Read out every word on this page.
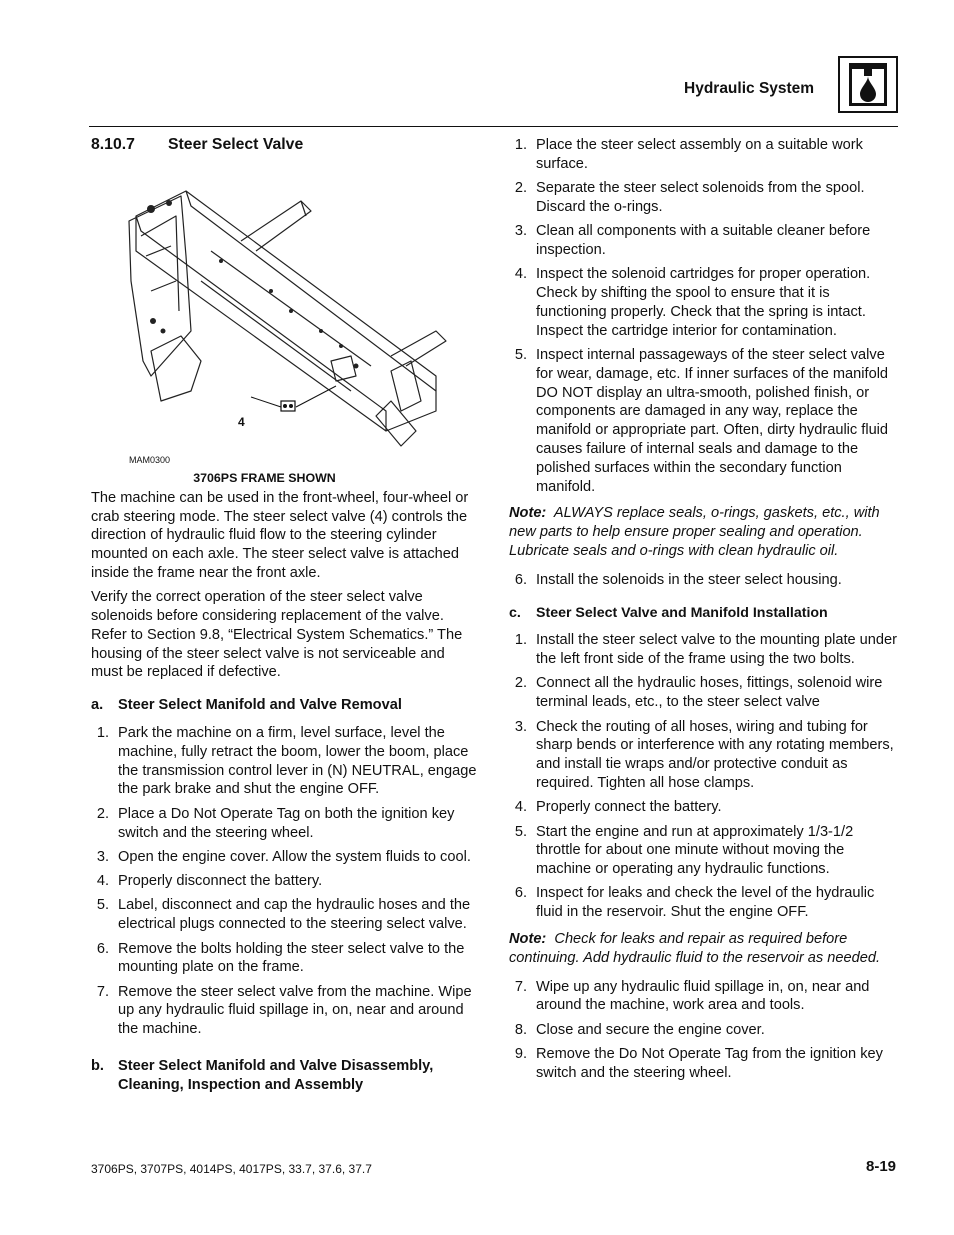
Hydraulic System
8.10.7	Steer Select Valve
4
MAM0300
3706PS FRAME SHOWN

The machine can be used in the front-wheel, four-wheel or crab steering mode. The steer select valve (4) controls the direction of hydraulic fluid flow to the steering cylinder mounted on each axle. The steer select valve is attached inside the frame near the front axle.

Verify the correct operation of the steer select valve solenoids before considering replacement of the valve. Refer to Section 9.8, “Electrical System Schematics.” The housing of the steer select valve is not serviceable and must be replaced if defective.

a.	Steer Select Manifold and Valve Removal
1. Park the machine on a firm, level surface, level the machine, fully retract the boom, lower the boom, place the transmission control lever in (N) NEUTRAL, engage the park brake and shut the engine OFF.
2. Place a Do Not Operate Tag on both the ignition key switch and the steering wheel.
3. Open the engine cover. Allow the system fluids to cool.
4. Properly disconnect the battery.
5. Label, disconnect and cap the hydraulic hoses and the electrical plugs connected to the steering select valve.
6. Remove the bolts holding the steer select valve to the mounting plate on the frame.
7. Remove the steer select valve from the machine. Wipe up any hydraulic fluid spillage in, on, near and around the machine.
b. Steer Select Manifold and Valve Disassembly, Cleaning, Inspection and Assembly
1. Place the steer select assembly on a suitable work surface.
2. Separate the steer select solenoids from the spool. Discard the o-rings.
3. Clean all components with a suitable cleaner before inspection.
4. Inspect the solenoid cartridges for proper operation. Check by shifting the spool to ensure that it is functioning properly. Check that the spring is intact. Inspect the cartridge interior for contamination.
5. Inspect internal passageways of the steer select valve for wear, damage, etc. If inner surfaces of the manifold DO NOT display an ultra-smooth, polished finish, or components are damaged in any way, replace the manifold or appropriate part. Often, dirty hydraulic fluid causes failure of internal seals and damage to the polished surfaces within the secondary function manifold.

Note: ALWAYS replace seals, o-rings, gaskets, etc., with new parts to help ensure proper sealing and operation. Lubricate seals and o-rings with clean hydraulic oil.

6. Install the solenoids in the steer select housing.
c.	Steer Select Valve and Manifold Installation
1. Install the steer select valve to the mounting plate under the left front side of the frame using the two bolts.
2. Connect all the hydraulic hoses, fittings, solenoid wire terminal leads, etc., to the steer select valve
3. Check the routing of all hoses, wiring and tubing for sharp bends or interference with any rotating members, and install tie wraps and/or protective conduit as required. Tighten all hose clamps.
4. Properly connect the battery.
5. Start the engine and run at approximately 1/3-1/2 throttle for about one minute without moving the machine or operating any hydraulic functions.
6. Inspect for leaks and check the level of the hydraulic fluid in the reservoir. Shut the engine OFF.

Note: Check for leaks and repair as required before continuing. Add hydraulic fluid to the reservoir as needed.

7. Wipe up any hydraulic fluid spillage in, on, near and around the machine, work area and tools.
8. Close and secure the engine cover.
9. Remove the Do Not Operate Tag from the ignition key switch and the steering wheel.
3706PS, 3707PS, 4014PS, 4017PS, 33.7, 37.6, 37.7	8-19
